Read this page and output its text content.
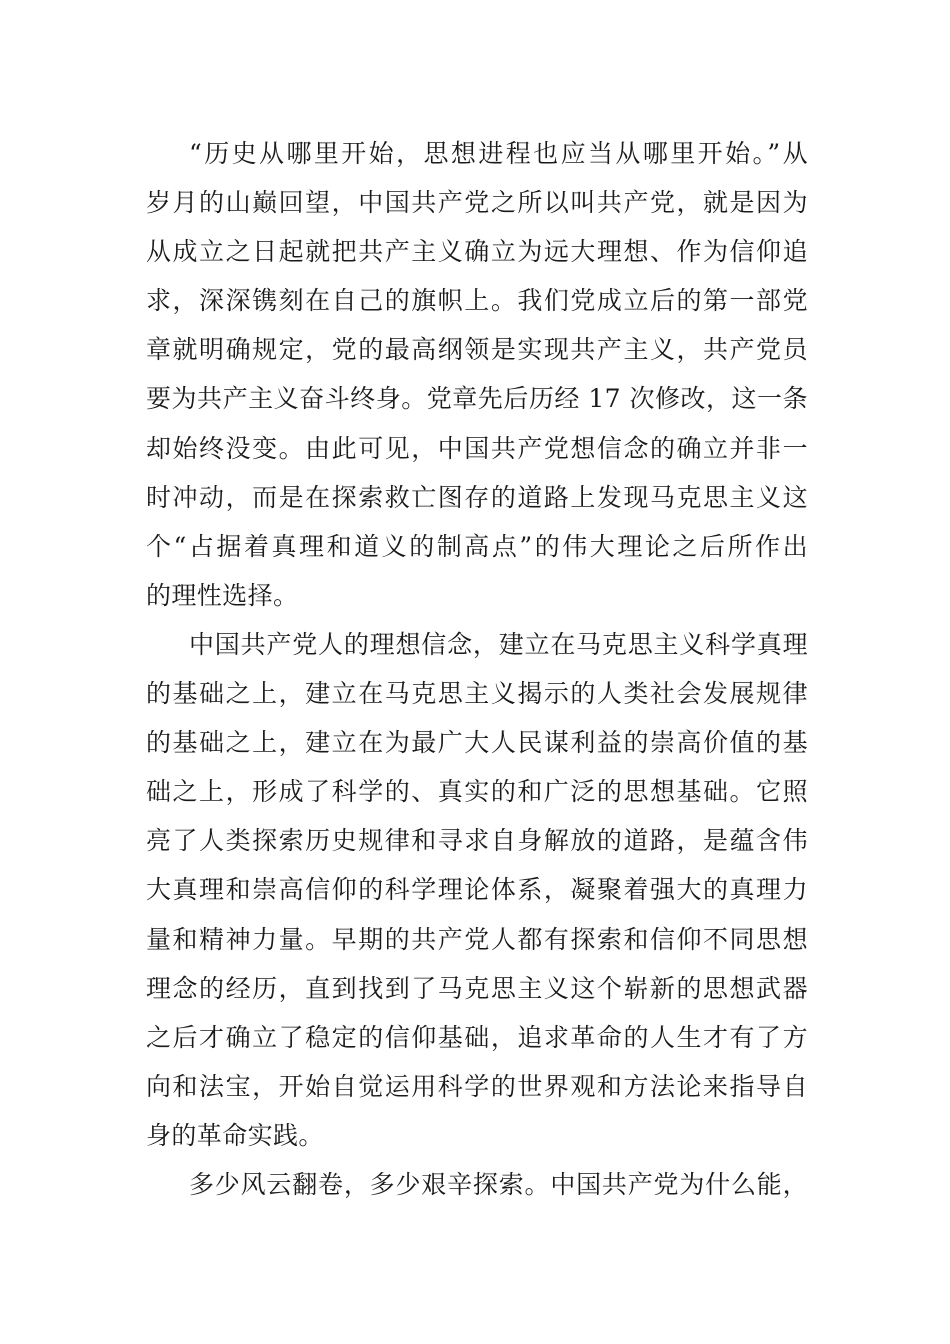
“历史从哪里开始，思想进程也应当从哪里开始。”从
岁月的山巅回望，中国共产党之所以叫共产党，就是因为
从成立之日起就把共产主义确立为远大理想、作为信仰追
求，深深镌刻在自己的旗帜上。我们党成立后的第一部党
章就明确规定，党的最高纲领是实现共产主义，共产党员
要为共产主义奋斗终身。党章先后历经 17 次修改，这一条
却始终没变。由此可见，中国共产党想信念的确立并非一
时冲动，而是在探索救亡图存的道路上发现马克思主义这
个“占据着真理和道义的制高点”的伟大理论之后所作出
的理性选择。
中国共产党人的理想信念，建立在马克思主义科学真理
的基础之上，建立在马克思主义揭示的人类社会发展规律
的基础之上，建立在为最广大人民谋利益的崇高价值的基
础之上，形成了科学的、真实的和广泛的思想基础。它照
亮了人类探索历史规律和寻求自身解放的道路，是蕴含伟
大真理和崇高信仰的科学理论体系，凝聚着强大的真理力
量和精神力量。早期的共产党人都有探索和信仰不同思想
理念的经历，直到找到了马克思主义这个崭新的思想武器
之后才确立了稳定的信仰基础，追求革命的人生才有了方
向和法宝，开始自觉运用科学的世界观和方法论来指导自
身的革命实践。
多少风云翻卷，多少艰辛探索。中国共产党为什么能，
